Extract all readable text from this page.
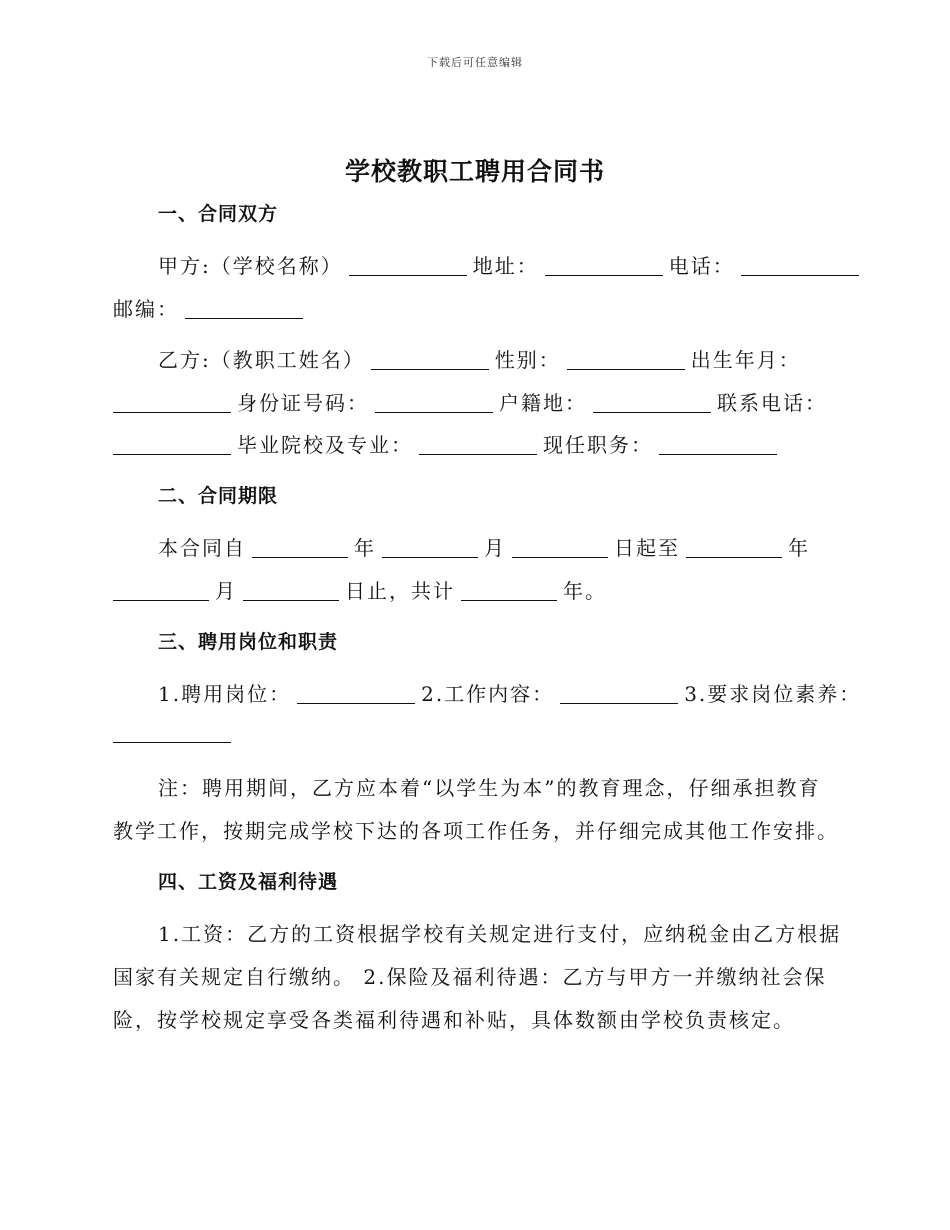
下载后可任意编辑
学校教职工聘用合同书
一、合同双方
甲方:（学校名称）	地址：	电话：
邮编：
乙方:（教职工姓名）	性别：	出生年月：
身份证号码：	户籍地：	联系电话：
毕业院校及专业：	现任职务：
二、合同期限
本合同自	年	月	日起至	年
月	日止，共计	年。
三、聘用岗位和职责
1.聘用岗位：	2.工作内容：	3.要求岗位素养：
注：聘用期间，乙方应本着“以学生为本”的教育理念，仔细承担教育
教学工作，按期完成学校下达的各项工作任务，并仔细完成其他工作安排。
四、工资及福利待遇
1.工资：乙方的工资根据学校有关规定进行支付，应纳税金由乙方根据
国家有关规定自行缴纳。 2.保险及福利待遇：乙方与甲方一并缴纳社会保
险，按学校规定享受各类福利待遇和补贴，具体数额由学校负责核定。
